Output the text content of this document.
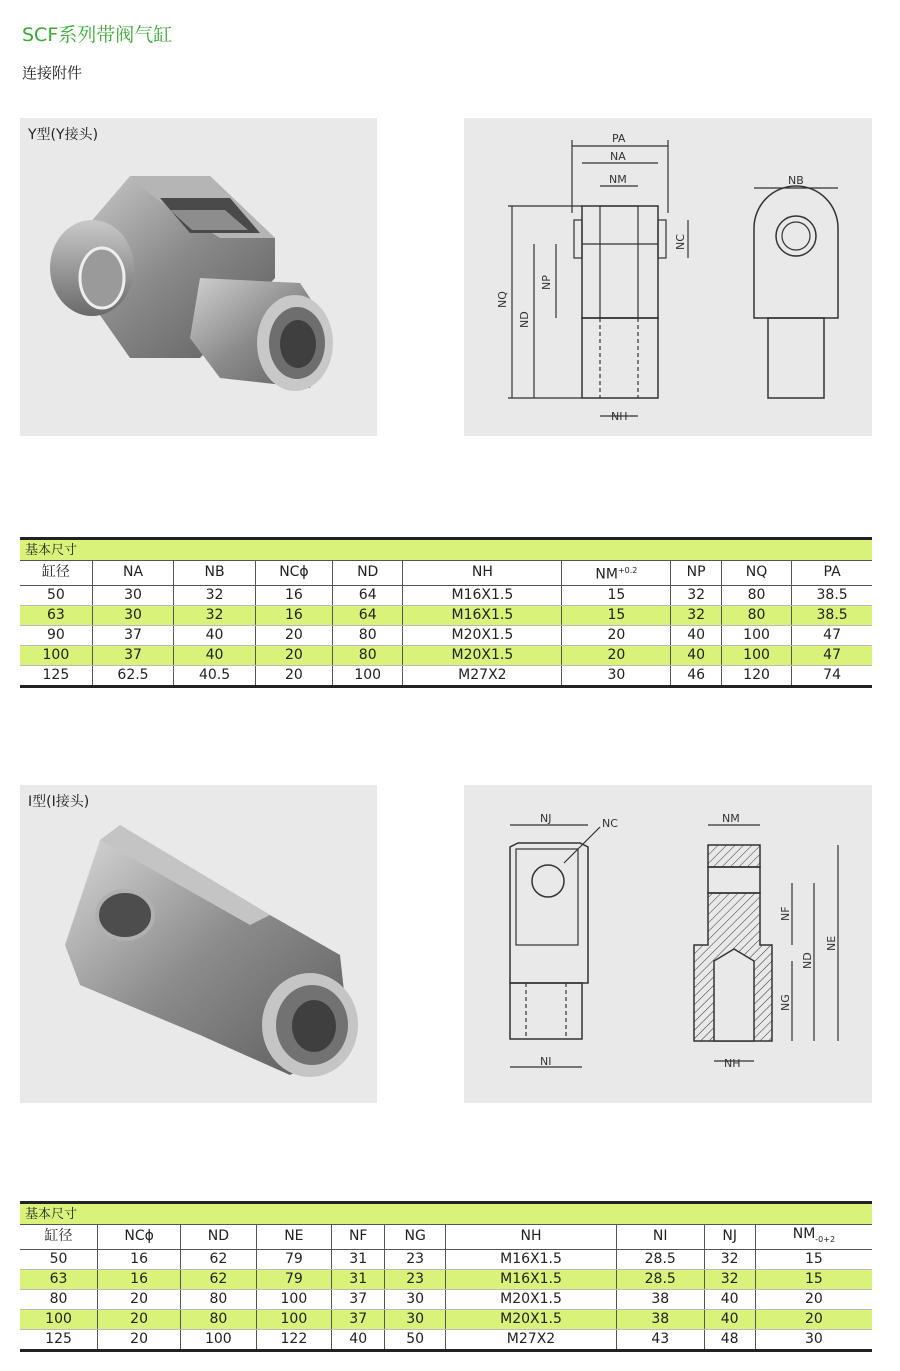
SCF系列带阀气缸
连接附件
Y型(Y接头)	PA
NA
NM
NH
NQ
ND
NP
NC
NB
基本尺寸									
缸径	NA	NB	NCϕ	ND	NH	$NM^{+0.2}$	NP	NQ	PA
50	30	32	16	64	M16X1.5	15	32	80	38.5
63	30	32	16	64	M16X1.5	15	32	80	38.5
90	37	40	20	80	M20X1.5	20	40	100	47
100	37	40	20	80	M20X1.5	20	40	100	47
125	62.5	40.5	20	100	M27X2	30	46	120	74
I型(I接头)
NJ	NC
NI
NM
NH
NF
ND
NE
NG
基本尺寸									
缸径	NCϕ	ND	NE	NF	NG	NH	NI	NJ	$NM_{-0+2}$
50	16	62	79	31	23	M16X1.5	28.5	32	15
63	16	62	79	31	23	M16X1.5	28.5	32	15
80	20	80	100	37	30	M20X1.5	38	40	20
100	20	80	100	37	30	M20X1.5	38	40	20
125	20	100	122	40	50	M27X2	43	48	30
